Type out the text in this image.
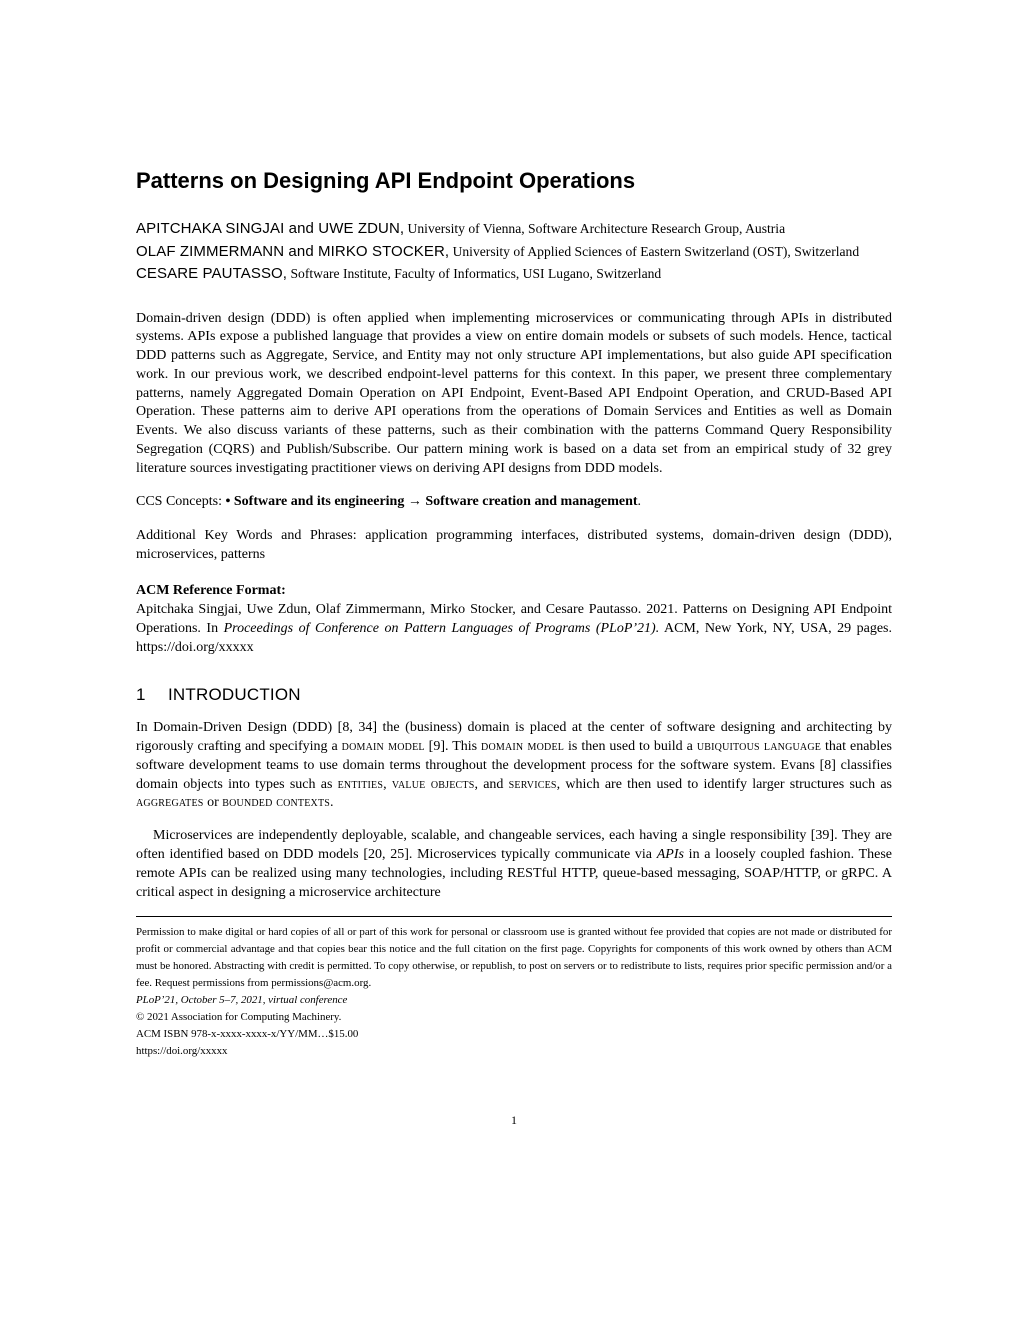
Patterns on Designing API Endpoint Operations
APITCHAKA SINGJAI and UWE ZDUN, University of Vienna, Software Architecture Research Group, Austria
OLAF ZIMMERMANN and MIRKO STOCKER, University of Applied Sciences of Eastern Switzerland (OST), Switzerland
CESARE PAUTASSO, Software Institute, Faculty of Informatics, USI Lugano, Switzerland

Domain-driven design (DDD) is often applied when implementing microservices or communicating through APIs in distributed systems. APIs expose a published language that provides a view on entire domain models or subsets of such models. Hence, tactical DDD patterns such as Aggregate, Service, and Entity may not only structure API implementations, but also guide API specification work. In our previous work, we described endpoint-level patterns for this context. In this paper, we present three complementary patterns, namely Aggregated Domain Operation on API Endpoint, Event-Based API Endpoint Operation, and CRUD-Based API Operation. These patterns aim to derive API operations from the operations of Domain Services and Entities as well as Domain Events. We also discuss variants of these patterns, such as their combination with the patterns Command Query Responsibility Segregation (CQRS) and Publish/Subscribe. Our pattern mining work is based on a data set from an empirical study of 32 grey literature sources investigating practitioner views on deriving API designs from DDD models.

CCS Concepts: • Software and its engineering → Software creation and management.

Additional Key Words and Phrases: application programming interfaces, distributed systems, domain-driven design (DDD), microservices, patterns

ACM Reference Format:
Apitchaka Singjai, Uwe Zdun, Olaf Zimmermann, Mirko Stocker, and Cesare Pautasso. 2021. Patterns on Designing API Endpoint Operations. In Proceedings of Conference on Pattern Languages of Programs (PLoP’21). ACM, New York, NY, USA, 29 pages. https://doi.org/xxxxx
1 INTRODUCTION

In Domain-Driven Design (DDD) [8, 34] the (business) domain is placed at the center of software designing and architecting by rigorously crafting and specifying a domain model [9]. This domain model is then used to build a ubiquitous language that enables software development teams to use domain terms throughout the development process for the software system. Evans [8] classifies domain objects into types such as entities, value objects, and services, which are then used to identify larger structures such as aggregates or bounded contexts.

Microservices are independently deployable, scalable, and changeable services, each having a single responsibility [39]. They are often identified based on DDD models [20, 25]. Microservices typically communicate via APIs in a loosely coupled fashion. These remote APIs can be realized using many technologies, including RESTful HTTP, queue-based messaging, SOAP/HTTP, or gRPC. A critical aspect in designing a microservice architecture

Permission to make digital or hard copies of all or part of this work for personal or classroom use is granted without fee provided that copies are not made or distributed for profit or commercial advantage and that copies bear this notice and the full citation on the first page. Copyrights for components of this work owned by others than ACM must be honored. Abstracting with credit is permitted. To copy otherwise, or republish, to post on servers or to redistribute to lists, requires prior specific permission and/or a fee. Request permissions from permissions@acm.org.
PLoP’21, October 5–7, 2021, virtual conference
© 2021 Association for Computing Machinery.
ACM ISBN 978-x-xxxx-xxxx-x/YY/MM…$15.00
https://doi.org/xxxxx
1
